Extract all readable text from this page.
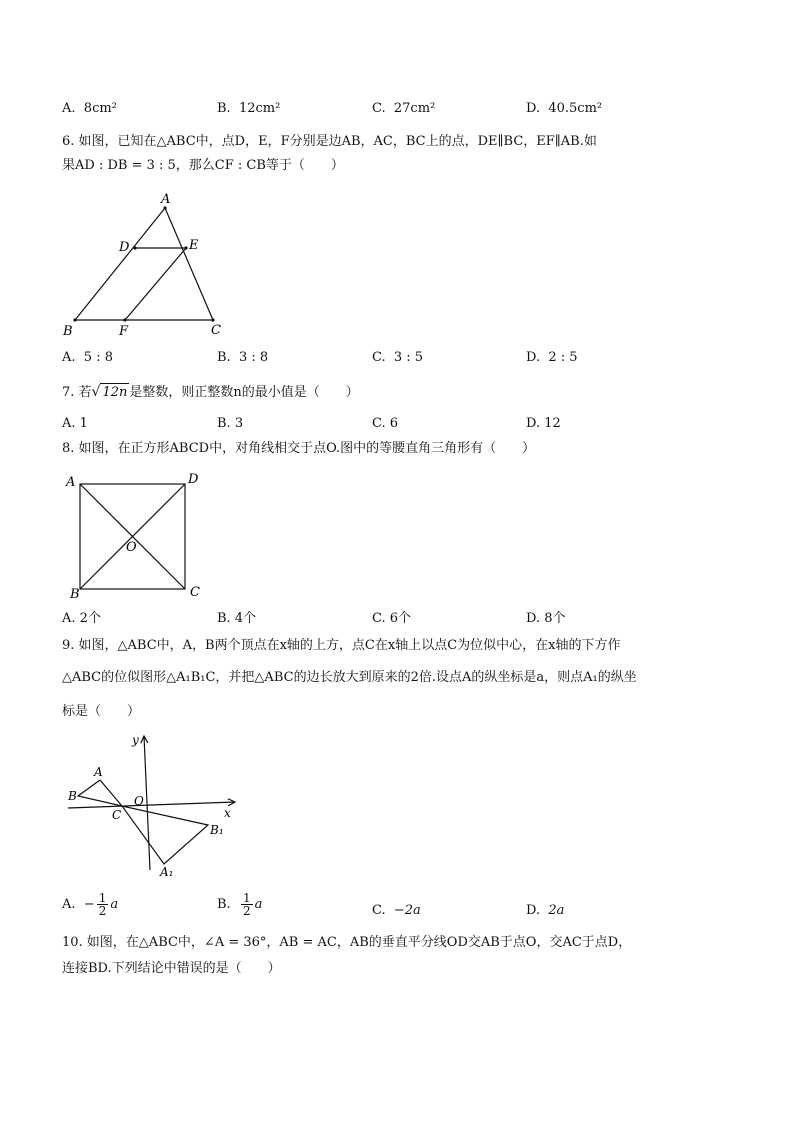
A. 8cm²	B. 12cm²	C. 27cm²	D. 40.5cm²
6. 如图，已知在△ABC中，点D，E，F分别是边AB，AC，BC上的点，DE∥BC，EF∥AB.如
果AD : DB = 3 : 5，那么CF : CB等于（　　）
A
D	E
B	F	C
A. 5 : 8	B. 3 : 8	C. 3 : 5	D. 2 : 5
7. 若√ 12n 是整数，则正整数n的最小值是（　　）
A. 1	B. 3	C. 6	D. 12
8. 如图，在正方形ABCD中，对角线相交于点O.图中的等腰直角三角形有（　　）
A	D
O
B	C
A. 2个	B. 4个	C. 6个	D. 8个
9. 如图，△ABC中，A，B两个顶点在x轴的上方，点C在x轴上以点C为位似中心，在x轴的下方作
△ABC的位似图形△A₁B₁C，并把△ABC的边长放大到原来的2倍.设点A的纵坐标是a，则点A₁的纵坐
标是（　　）
y
x
O
A
B
C
B₁
A₁
A. − $\frac{1}{2}$ a	B. $\frac{1}{2}$ a	C. −2a	D. 2a
10. 如图，在△ABC中，∠A = 36°，AB = AC，AB的垂直平分线OD交AB于点O，交AC于点D，
连接BD.下列结论中错误的是（　　）
